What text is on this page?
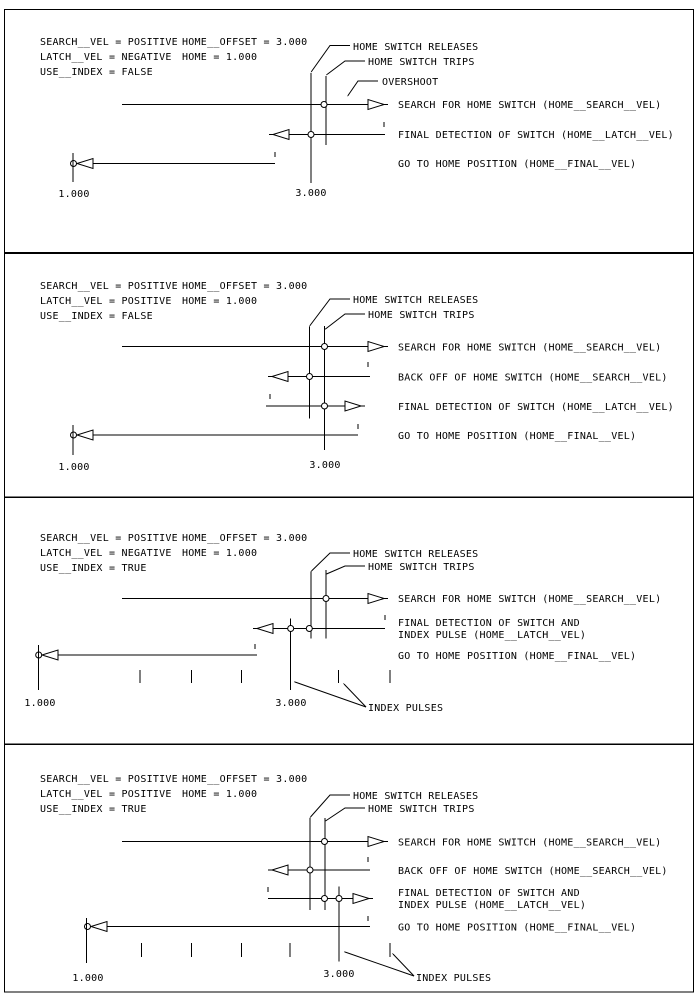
SEARCH__VEL = POSITIVE HOME__OFFSET = 3.000
LATCH__VEL = NEGATIVE HOME = 1.000
USE__INDEX = FALSE
HOME SWITCH RELEASES
HOME SWITCH TRIPS
OVERSHOOT
SEARCH FOR HOME SWITCH (HOME__SEARCH__VEL)
FINAL DETECTION OF SWITCH (HOME__LATCH__VEL)
GO TO HOME POSITION (HOME__FINAL__VEL)
1.000	3.000
SEARCH__VEL = POSITIVE HOME__OFFSET = 3.000
LATCH__VEL = POSITIVE HOME = 1.000
USE__INDEX = FALSE
HOME SWITCH RELEASES
HOME SWITCH TRIPS
SEARCH FOR HOME SWITCH (HOME__SEARCH__VEL)
BACK OFF OF HOME SWITCH (HOME__SEARCH__VEL)
FINAL DETECTION OF SWITCH (HOME__LATCH__VEL)
GO TO HOME POSITION (HOME__FINAL__VEL)
1.000	3.000
SEARCH__VEL = POSITIVE HOME__OFFSET = 3.000
LATCH__VEL = NEGATIVE HOME = 1.000
USE__INDEX = TRUE
HOME SWITCH RELEASES
HOME SWITCH TRIPS
SEARCH FOR HOME SWITCH (HOME__SEARCH__VEL)
FINAL DETECTION OF SWITCH AND
INDEX PULSE (HOME__LATCH__VEL)
GO TO HOME POSITION (HOME__FINAL__VEL)
1.000	3.000	INDEX PULSES
SEARCH__VEL = POSITIVE HOME__OFFSET = 3.000
LATCH__VEL = POSITIVE HOME = 1.000
USE__INDEX = TRUE
HOME SWITCH RELEASES
HOME SWITCH TRIPS
SEARCH FOR HOME SWITCH (HOME__SEARCH__VEL)
BACK OFF OF HOME SWITCH (HOME__SEARCH__VEL)
FINAL DETECTION OF SWITCH AND
INDEX PULSE (HOME__LATCH__VEL)
GO TO HOME POSITION (HOME__FINAL__VEL)
1.000	3.000	INDEX PULSES
